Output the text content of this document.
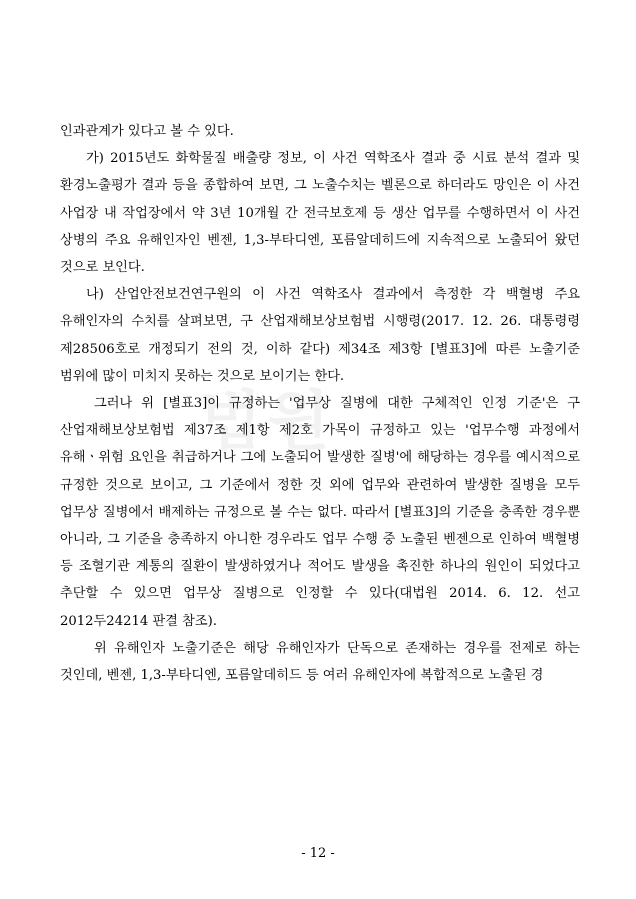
법원

인과관계가 있다고 볼 수 있다.

가) 2015년도 화학물질 배출량 정보, 이 사건 역학조사 결과 중 시료 분석 결과 및 환경노출평가 결과 등을 종합하여 보면, 그 노출수치는 벨론으로 하더라도 망인은 이 사건 사업장 내 작업장에서 약 3년 10개월 간 전극보호제 등 생산 업무를 수행하면서 이 사건 상병의 주요 유해인자인 벤젠, 1,3-부타디엔, 포름알데히드에 지속적으로 노출되어 왔던 것으로 보인다.

나) 산업안전보건연구원의 이 사건 역학조사 결과에서 측정한 각 백혈병 주요 유해인자의 수치를 살펴보면, 구 산업재해보상보험법 시행령(2017. 12. 26. 대통령령 제28506호로 개정되기 전의 것, 이하 같다) 제34조 제3항 [별표3]에 따른 노출기준 범위에 많이 미치지 못하는 것으로 보이기는 한다.

그러나 위 [별표3]이 규정하는 '업무상 질병에 대한 구체적인 인정 기준'은 구 산업재해보상보험법 제37조 제1항 제2호 가목이 규정하고 있는 '업무수행 과정에서 유해ㆍ위험 요인을 취급하거나 그에 노출되어 발생한 질병'에 해당하는 경우를 예시적으로 규정한 것으로 보이고, 그 기준에서 정한 것 외에 업무와 관련하여 발생한 질병을 모두 업무상 질병에서 배제하는 규정으로 볼 수는 없다. 따라서 [별표3]의 기준을 충족한 경우뿐 아니라, 그 기준을 충족하지 아니한 경우라도 업무 수행 중 노출된 벤젠으로 인하여 백혈병 등 조혈기관 계통의 질환이 발생하였거나 적어도 발생을 촉진한 하나의 원인이 되었다고 추단할 수 있으면 업무상 질병으로 인정할 수 있다(대법원 2014. 6. 12. 선고 2012두24214 판결 참조).

위 유해인자 노출기준은 해당 유해인자가 단독으로 존재하는 경우를 전제로 하는 것인데, 벤젠, 1,3-부타디엔, 포름알데히드 등 여러 유해인자에 복합적으로 노출된 경

- 12 -
